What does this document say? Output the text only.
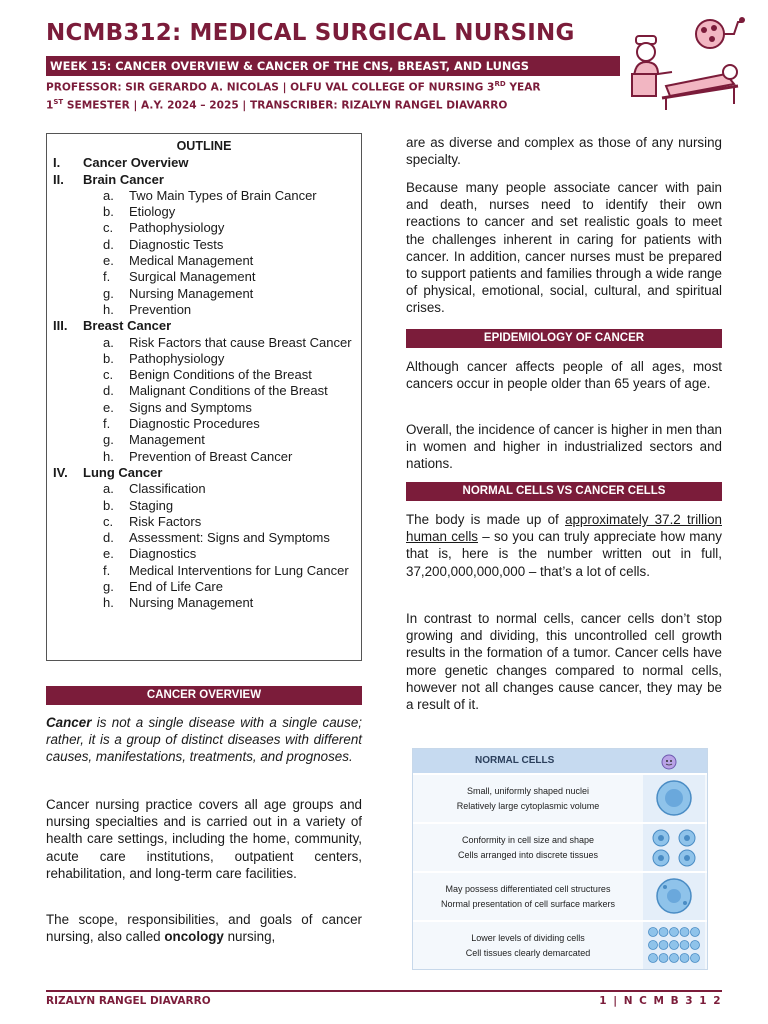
NCMB312: MEDICAL SURGICAL NURSING
WEEK 15: CANCER OVERVIEW & CANCER OF THE CNS, BREAST, AND LUNGS
PROFESSOR: SIR GERARDO A. NICOLAS | OLFU VAL COLLEGE OF NURSING 3RD YEAR
1ST SEMESTER | A.Y. 2024 – 2025 | TRANSCRIBER: RIZALYN RANGEL DIAVARRO
OUTLINE
I.	Cancer Overview
II.	Brain Cancer
a.	Two Main Types of Brain Cancer
b.	Etiology
c.	Pathophysiology
d.	Diagnostic Tests
e.	Medical Management
f.	Surgical Management
g.	Nursing Management
h.	Prevention
III.	Breast Cancer
a.	Risk Factors that cause Breast Cancer
b.	Pathophysiology
c.	Benign Conditions of the Breast
d.	Malignant Conditions of the Breast
e.	Signs and Symptoms
f.	Diagnostic Procedures
g.	Management
h.	Prevention of Breast Cancer
IV.	Lung Cancer
a.	Classification
b.	Staging
c.	Risk Factors
d.	Assessment: Signs and Symptoms
e.	Diagnostics
f.	Medical Interventions for Lung Cancer
g.	End of Life Care
h.	Nursing Management
CANCER OVERVIEW
Cancer is not a single disease with a single cause; rather, it is a group of distinct diseases with different causes, manifestations, treatments, and prognoses.
Cancer nursing practice covers all age groups and nursing specialties and is carried out in a variety of health care settings, including the home, community, acute care institutions, outpatient centers, rehabilitation, and long-term care facilities.
The scope, responsibilities, and goals of cancer nursing, also called oncology nursing,
are as diverse and complex as those of any nursing specialty.
Because many people associate cancer with pain and death, nurses need to identify their own reactions to cancer and set realistic goals to meet the challenges inherent in caring for patients with cancer. In addition, cancer nurses must be prepared to support patients and families through a wide range of physical, emotional, social, cultural, and spiritual crises.
EPIDEMIOLOGY OF CANCER
Although cancer affects people of all ages, most cancers occur in people older than 65 years of age.
Overall, the incidence of cancer is higher in men than in women and higher in industrialized sectors and nations.
NORMAL CELLS VS CANCER CELLS
The body is made up of approximately 37.2 trillion human cells – so you can truly appreciate how many that is, here is the number written out in full, 37,200,000,000,000 – that’s a lot of cells.
In contrast to normal cells, cancer cells don’t stop growing and dividing, this uncontrolled cell growth results in the formation of a tumor. Cancer cells have more genetic changes compared to normal cells, however not all changes cause cancer, they may be a result of it.
NORMAL CELLS
Small, uniformly shaped nuclei
Relatively large cytoplasmic volume
Conformity in cell size and shape
Cells arranged into discrete tissues
May possess differentiated cell structures
Normal presentation of cell surface markers
Lower levels of dividing cells
Cell tissues clearly demarcated
RIZALYN RANGEL DIAVARRO	1 | N C M B 3 1 2
